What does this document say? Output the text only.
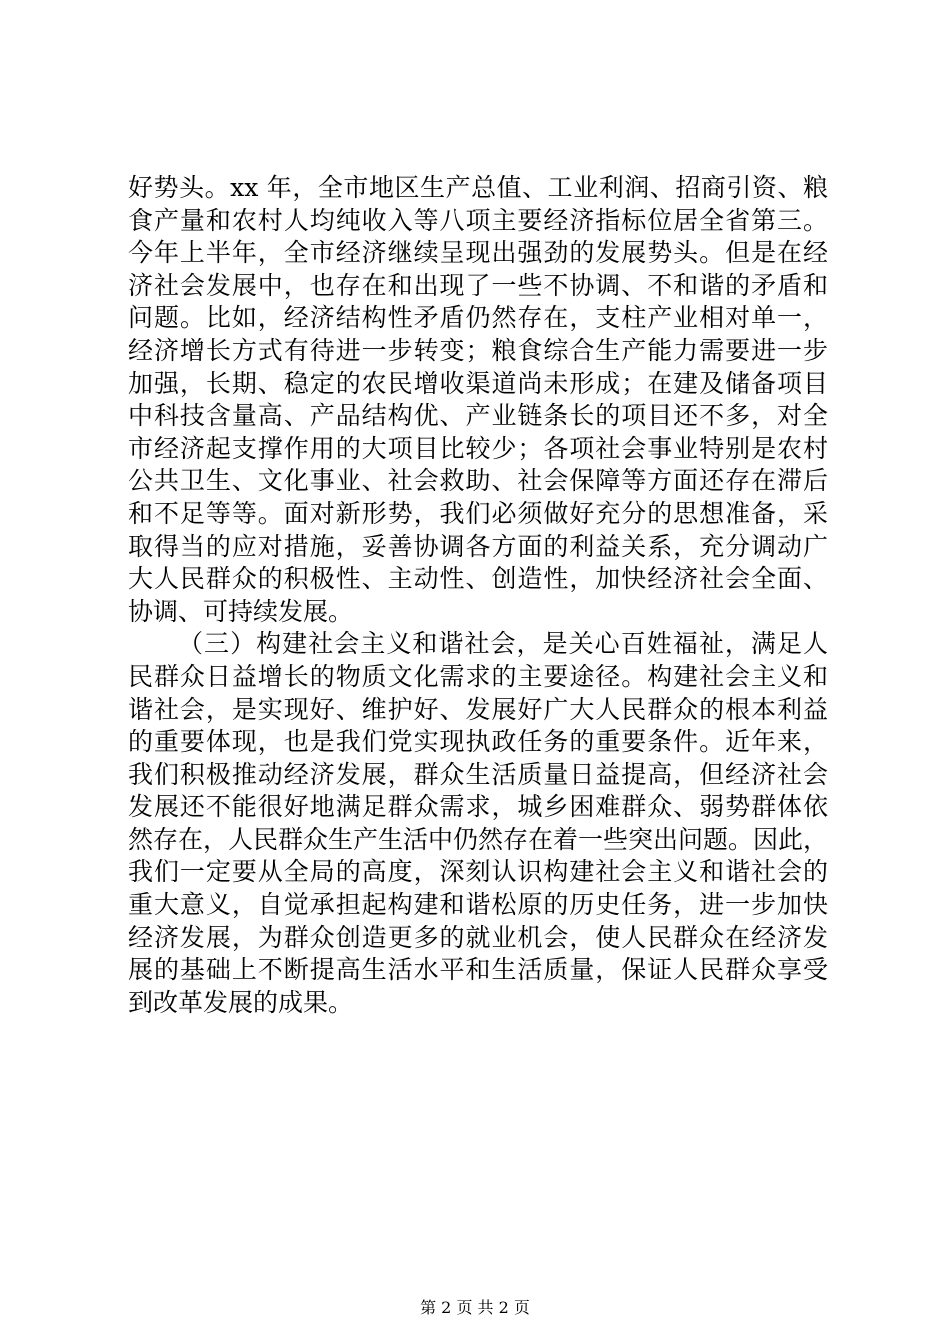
好势头。xx 年，全市地区生产总值、工业利润、招商引资、粮
食产量和农村人均纯收入等八项主要经济指标位居全省第三。
今年上半年，全市经济继续呈现出强劲的发展势头。但是在经
济社会发展中，也存在和出现了一些不协调、不和谐的矛盾和
问题。比如，经济结构性矛盾仍然存在，支柱产业相对单一，
经济增长方式有待进一步转变；粮食综合生产能力需要进一步
加强，长期、稳定的农民增收渠道尚未形成；在建及储备项目
中科技含量高、产品结构优、产业链条长的项目还不多，对全
市经济起支撑作用的大项目比较少；各项社会事业特别是农村
公共卫生、文化事业、社会救助、社会保障等方面还存在滞后
和不足等等。面对新形势，我们必须做好充分的思想准备，采
取得当的应对措施，妥善协调各方面的利益关系，充分调动广
大人民群众的积极性、主动性、创造性，加快经济社会全面、
协调、可持续发展。
（三）构建社会主义和谐社会，是关心百姓福祉，满足人
民群众日益增长的物质文化需求的主要途径。构建社会主义和
谐社会，是实现好、维护好、发展好广大人民群众的根本利益
的重要体现，也是我们党实现执政任务的重要条件。近年来，
我们积极推动经济发展，群众生活质量日益提高，但经济社会
发展还不能很好地满足群众需求，城乡困难群众、弱势群体依
然存在，人民群众生产生活中仍然存在着一些突出问题。因此，
我们一定要从全局的高度，深刻认识构建社会主义和谐社会的
重大意义，自觉承担起构建和谐松原的历史任务，进一步加快
经济发展，为群众创造更多的就业机会，使人民群众在经济发
展的基础上不断提高生活水平和生活质量，保证人民群众享受
到改革发展的成果。
第 2 页 共 2 页
